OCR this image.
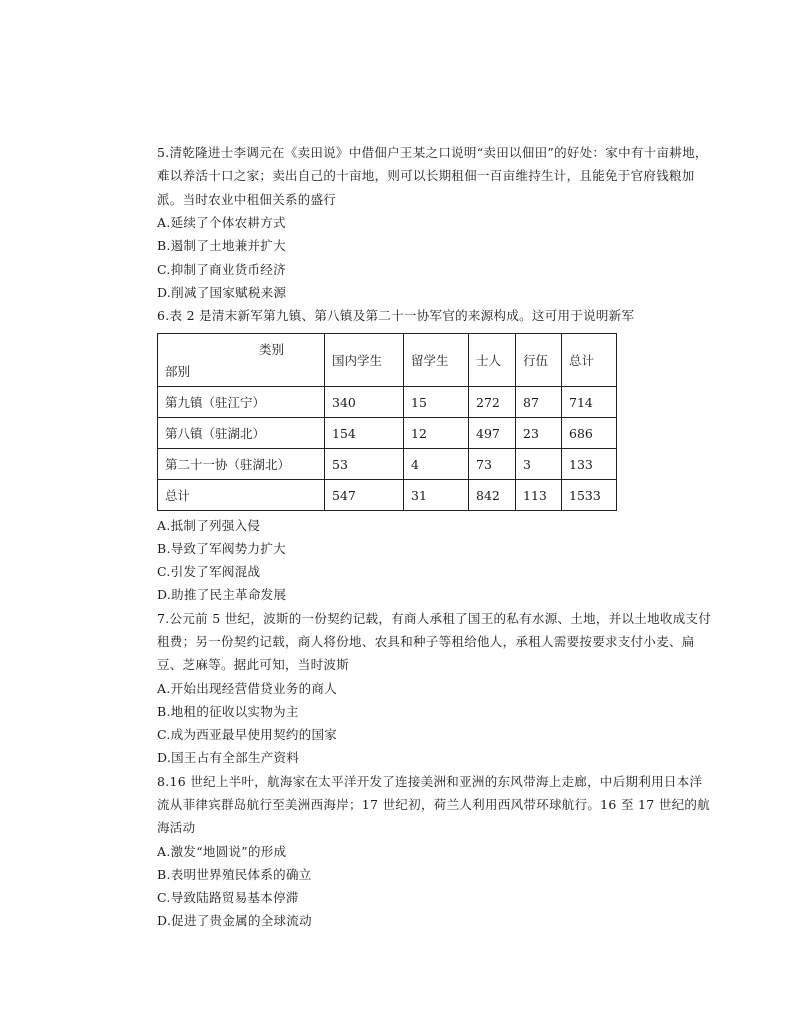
5.清乾隆进士李调元在《卖田说》中借佃户王某之口说明“卖田以佃田”的好处：家中有十亩耕地，
难以养活十口之家；卖出自己的十亩地，则可以长期租佃一百亩维持生计，且能免于官府钱粮加
派。当时农业中租佃关系的盛行
A.延续了个体农耕方式
B.遏制了土地兼并扩大
C.抑制了商业货币经济
D.削减了国家赋税来源
6.表 2 是清末新军第九镇、第八镇及第二十一协军官的来源构成。这可用于说明新军
类别
部别	国内学生	留学生	士人	行伍	总计
第九镇（驻江宁）	340	15	272	87	714
第八镇（驻湖北）	154	12	497	23	686
第二十一协（驻湖北）	53	4	73	3	133
总计	547	31	842	113	1533
A.抵制了列强入侵
B.导致了军阀势力扩大
C.引发了军阀混战
D.助推了民主革命发展
7.公元前 5 世纪，波斯的一份契约记载，有商人承租了国王的私有水源、土地，并以土地收成支付
租费；另一份契约记载，商人将份地、农具和种子等租给他人，承租人需要按要求支付小麦、扁
豆、芝麻等。据此可知，当时波斯
A.开始出现经营借贷业务的商人
B.地租的征收以实物为主
C.成为西亚最早使用契约的国家
D.国王占有全部生产资料
8.16 世纪上半叶，航海家在太平洋开发了连接美洲和亚洲的东风带海上走廊，中后期利用日本洋
流从菲律宾群岛航行至美洲西海岸；17 世纪初，荷兰人利用西风带环球航行。16 至 17 世纪的航
海活动
A.激发“地圆说”的形成
B.表明世界殖民体系的确立
C.导致陆路贸易基本停滞
D.促进了贵金属的全球流动
